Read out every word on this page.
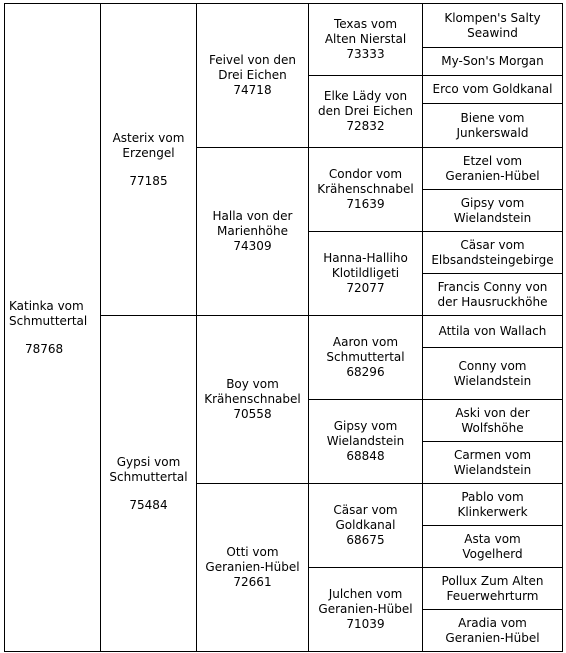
Katinka vom
Schmuttertal
78768	Asterix vom
Erzengel
77185	Feivel von den
Drei Eichen
74718	Texas vom
Alten Nierstal
73333	Klompen's Salty
Seawind

				My-Son's Morgan

			Elke Lädy von
den Drei Eichen
72832	Erco vom Goldkanal

				Biene vom
Junkerswald

		Halla von der
Marienhöhe
74309	Condor vom
Krähenschnabel
71639	Etzel vom
Geranien-Hübel

				Gipsy vom
Wielandstein

			Hanna-Halliho
Klotildligeti
72077	Cäsar vom
Elbsandsteingebirge

				Francis Conny von
der Hausruckhöhe

	Gypsi vom
Schmuttertal
75484	Boy vom
Krähenschnabel
70558	Aaron vom
Schmuttertal
68296	Attila von Wallach

				Conny vom
Wielandstein

			Gipsy vom
Wielandstein
68848	Aski von der
Wolfshöhe

				Carmen vom
Wielandstein

		Otti vom
Geranien-Hübel
72661	Cäsar vom
Goldkanal
68675	Pablo vom
Klinkerwerk

				Asta vom
Vogelherd

			Julchen vom
Geranien-Hübel
71039	Pollux Zum Alten
Feuerwehrturm

				Aradia vom
Geranien-Hübel
